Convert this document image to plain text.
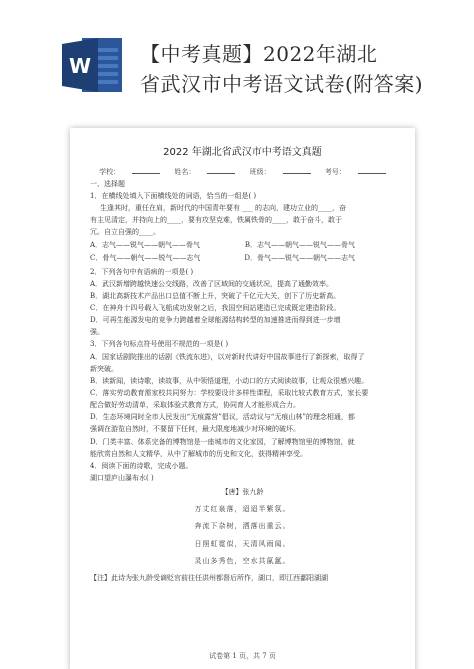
W 【中考真题】2022年湖北
省武汉市中考语文试卷(附答案)
2022 年湖北省武汉市中考语文真题
学校：	姓名：	班级：	考号：
一、选择题
1．在横线处填入下面横线处的词语，恰当的一组是( )
生逢其时，重任在肩，新时代的中国青年要有 ___ 的志向，建功立业的____，奋
有主见清定，并持向上的____，要有攻坚克难，铁属铁骨的____，敢于奋斗，敢于
冗。自立自强的____。
A．志气——锐气——朝气——骨气	B．志气——朝气——锐气——骨气
C．骨气——朝气——锐气——志气	D．骨气——锐气——朝气——志气
2．下列各句中有语病的一项是( )
A．武汉新增跨越快速公交线路，改善了区域间的交通状况，提高了通勤效率。
B．湖北高新技术产品出口总值不断上升，突破了千亿元大关，创下了历史新高。
C．在神舟十四号载入飞船成功发射之后，我国空间站建造已完成既定建造阶段。
D．可再生能源发电的竞争力跨越着全球能源结构转型的加速推进而得到进一步增
强。
3．下列各句标点符号使用不规范的一项是( )
A．国家话剧院推出的话剧《铁流东进》，以对新时代讲好中国故事进行了新探索，取得了
新突破。
B．读新闻，读诗歌，读故事，从中领悟道理，小动口的方式阅读故事，让观众很感兴趣。
C．落实劳动教育需家校共同努力：学校要设计多样性课程，采取比较式教育方式，家长要
配合做好劳动清单，采取体验式教育方式，协同育人才能形成合力。
D．生态环境同时全市人民发出“无痕露营”倡议，活动议与“无痕山林”的理念相通，都
强调在游览自然时，不要留下任何，最大限度地减少对环境的破坏。
D．门类丰富、体系完备的博物馆是一座城市的文化家园，了解博物馆里的博物馆，就
能欣赏自然和人文精华，从中了解城市的历史和文化，获得精神享受。
4．阅读下面的诗歌，完成小题。
湖口望庐山瀑布水( )
【唐】张九龄
万丈红泉落，迢迢半紫氛。
奔流下杂树，洒落出重云。
日照虹霓似，天清风雨闻。
灵山多秀色，空水共氤氲。
【注】此诗为张九龄受谪贬官前往任洪州都督后所作，湖口，即江西鄱阳湖湖
试卷第 1 页，共 7 页
